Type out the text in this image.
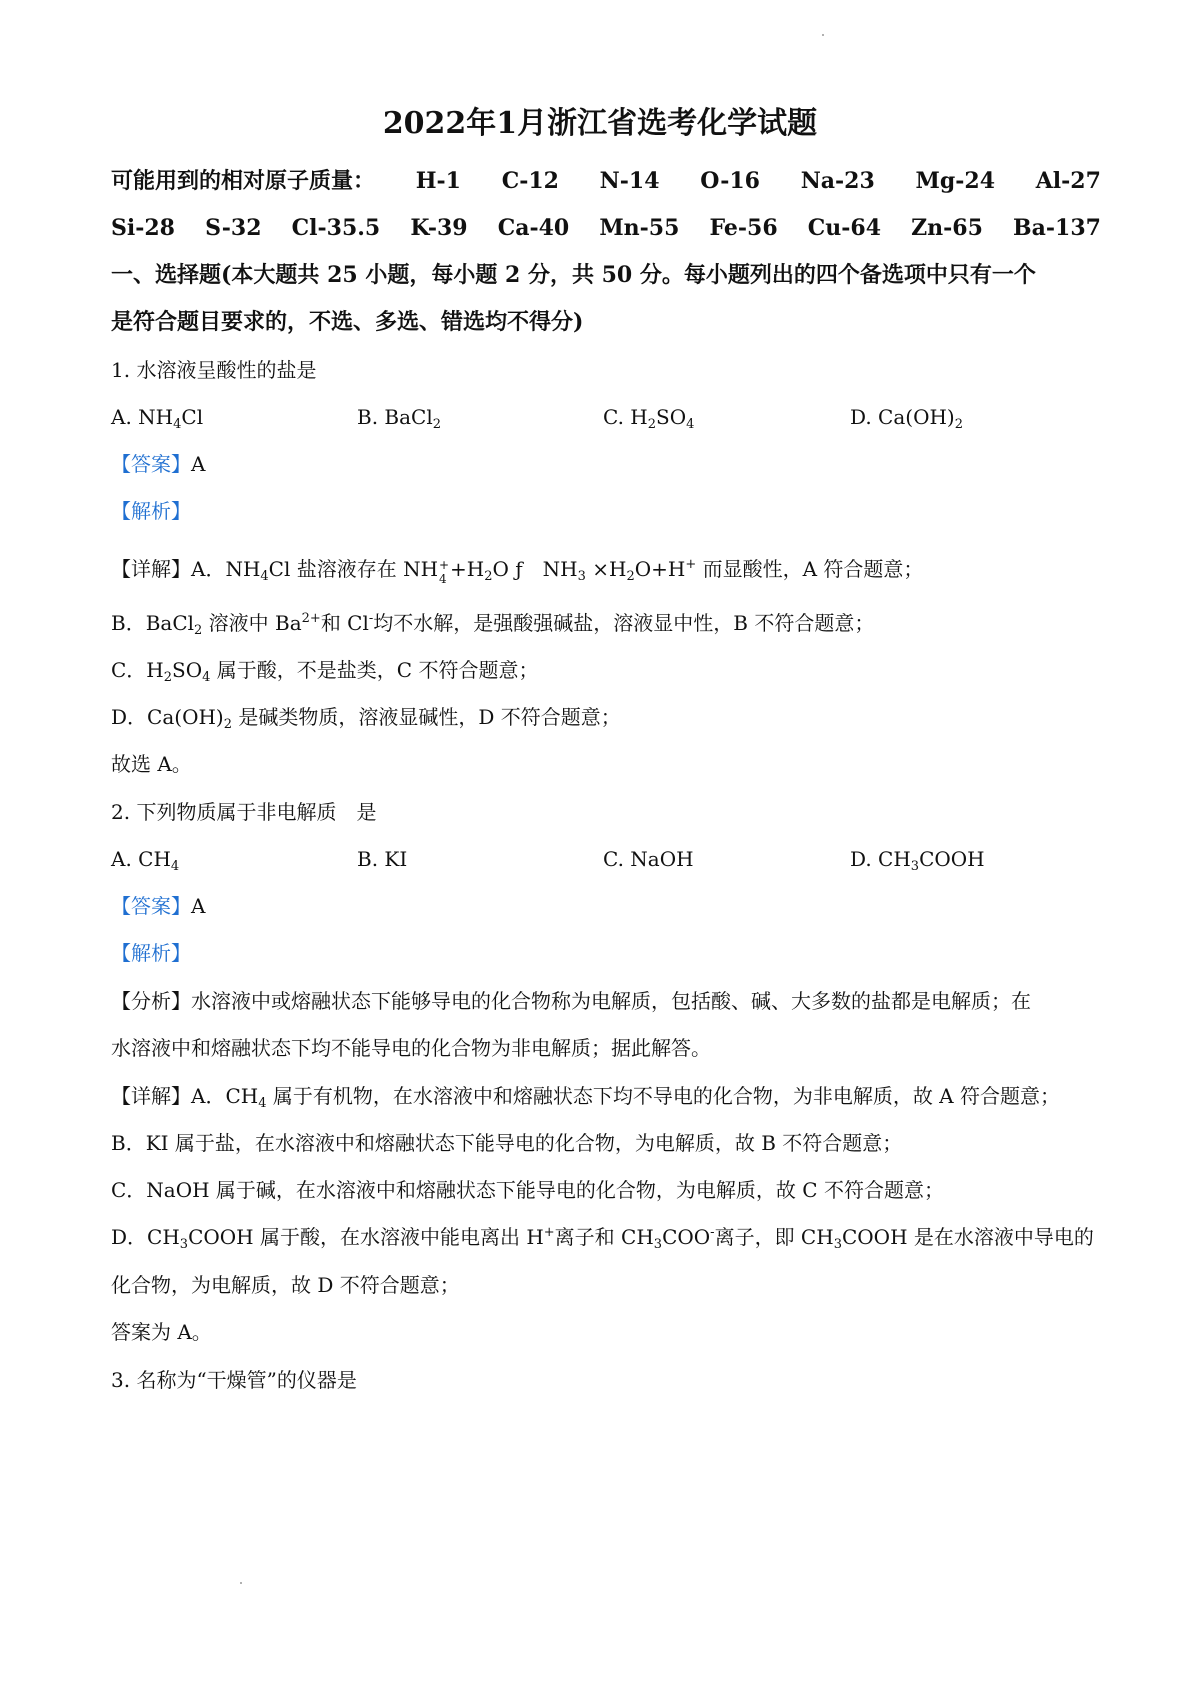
2022年1月浙江省选考化学试题
可能用到的相对原子质量： H-1 C-12 N-14 O-16 Na-23 Mg-24 Al-27
Si-28 S-32 Cl-35.5 K-39 Ca-40 Mn-55 Fe-56 Cu-64 Zn-65 Ba-137
一、选择题(本大题共 25 小题，每小题 2 分，共 50 分。每小题列出的四个备选项中只有一个
是符合题目要求的，不选、多选、错选均不得分)
1. 水溶液呈酸性的盐是
A. $NH_4Cl$	B. BaCl$_2$	C. $H_2SO_4$	D. $Ca(OH)_2$
【答案】A
【解析】
【详解】A．$NH_4Cl$ 盐溶液存在 NH +
$4 +H_2O$ ƒ　$NH_3 \times H_2O+H^+$ 而显酸性，A 符合题意；
B．BaCl$_2$ 溶液中 $Ba^{2+}$和 Cl-均不水解，是强酸强碱盐，溶液显中性，B 不符合题意；
C．$H_2SO_4$ 属于酸，不是盐类，C 不符合题意；
D．$Ca(OH)_2$ 是碱类物质，溶液显碱性，D 不符合题意；
故选 A。
2. 下列物质属于非电解质　是
A. $CH_4$	B. KI	C. NaOH	D. $CH_3COOH$
【答案】A
【解析】
【分析】水溶液中或熔融状态下能够导电的化合物称为电解质，包括酸、碱、大多数的盐都是电解质；在
水溶液中和熔融状态下均不能导电的化合物为非电解质；据此解答。
【详解】A．$CH_4$ 属于有机物，在水溶液中和熔融状态下均不导电的化合物，为非电解质，故 A 符合题意；
B．KI 属于盐，在水溶液中和熔融状态下能导电的化合物，为电解质，故 B 不符合题意；
C．NaOH 属于碱，在水溶液中和熔融状态下能导电的化合物，为电解质，故 C 不符合题意；
D．$CH_3COOH$ 属于酸，在水溶液中能电离出 H+离子和 $CH_3COO^-$离子，即 $CH_3COOH$ 是在水溶液中导电的
化合物，为电解质，故 D 不符合题意；
答案为 A。
3. 名称为“干燥管”的仪器是
